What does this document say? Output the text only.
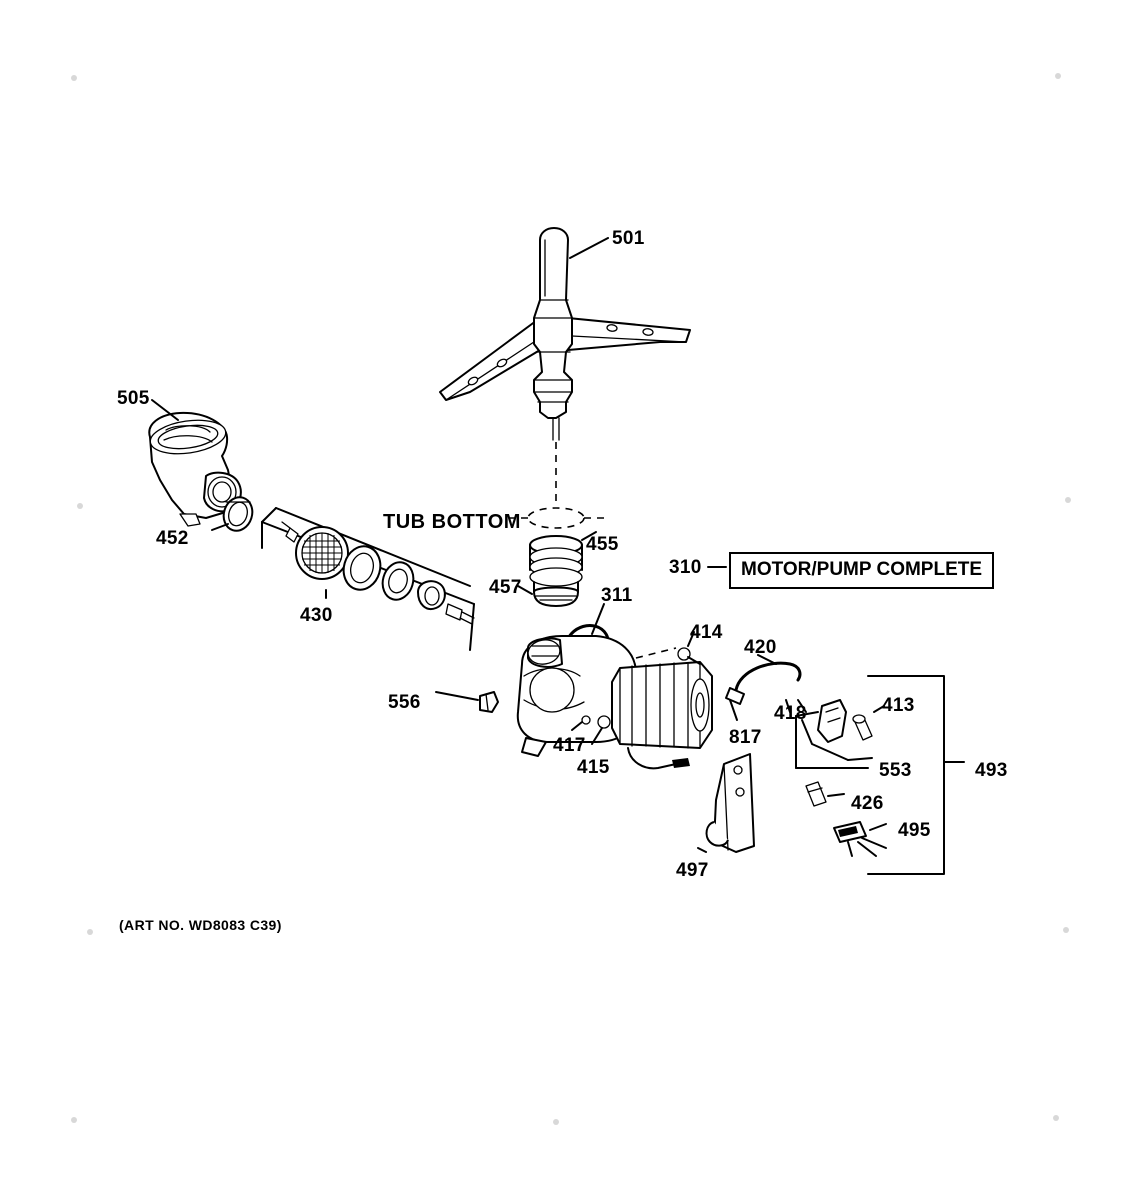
TUB BOTTOM
310	MOTOR/PUMP COMPLETE
501
505
452
430
455
457	311
414
420
418	413
817
553	493
556
417
415
426
495
497
(ART NO. WD8083 C39)
